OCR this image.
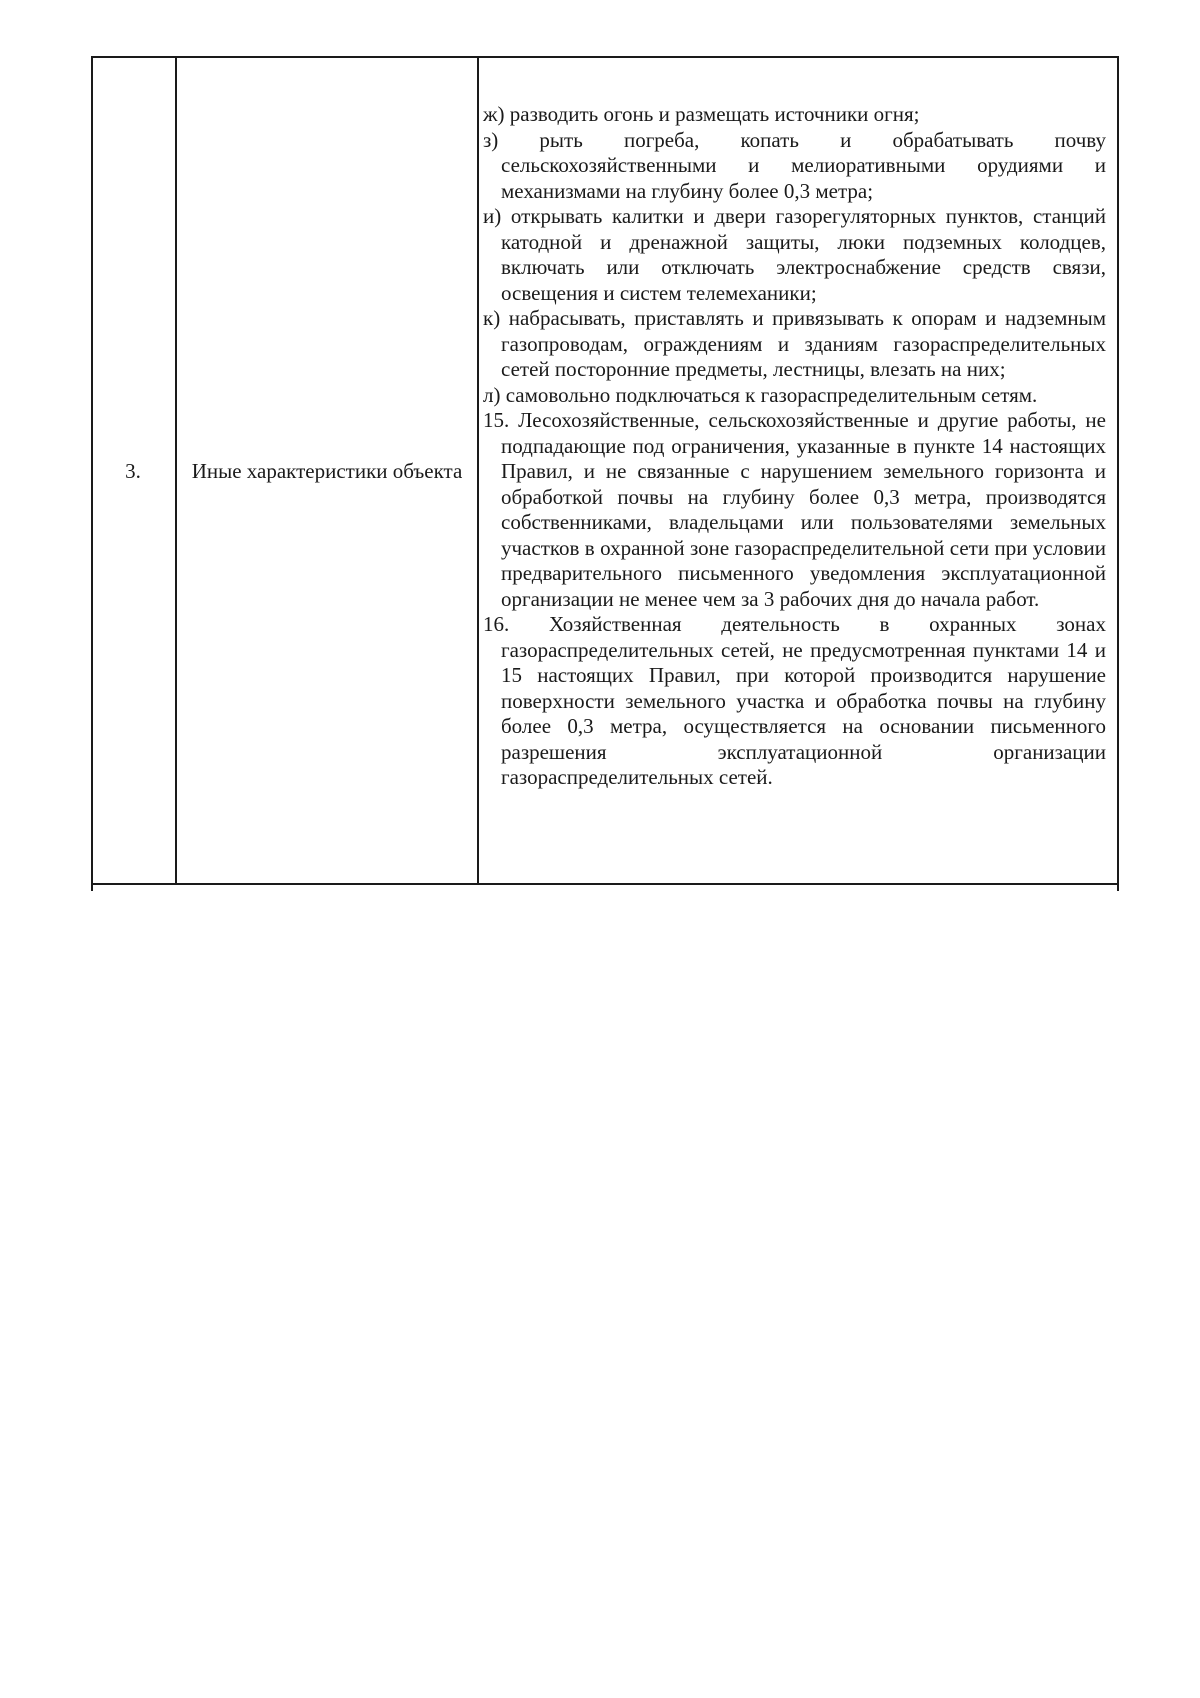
3.	Иные характеристики объекта

ж) разводить огонь и размещать источники огня;

з) рыть погреба, копать и обрабатывать почву сельскохозяйственными и мелиоративными орудиями и механизмами на глубину более 0,3 метра;

и) открывать калитки и двери газорегуляторных пунктов, станций катодной и дренажной защиты, люки подземных колодцев, включать или отключать электроснабжение средств связи, освещения и систем телемеханики;

к) набрасывать, приставлять и привязывать к опорам и надземным газопроводам, ограждениям и зданиям газораспределительных сетей посторонние предметы, лестницы, влезать на них;

л) самовольно подключаться к газораспределительным сетям.

15. Лесохозяйственные, сельскохозяйственные и другие работы, не подпадающие под ограничения, указанные в пункте 14 настоящих Правил, и не связанные с нарушением земельного горизонта и обработкой почвы на глубину более 0,3 метра, производятся собственниками, владельцами или пользователями земельных участков в охранной зоне газораспределительной сети при условии предварительного письменного уведомления эксплуатационной организации не менее чем за 3 рабочих дня до начала работ.

16. Хозяйственная деятельность в охранных зонах газораспределительных сетей, не предусмотренная пунктами 14 и 15 настоящих Правил, при которой производится нарушение поверхности земельного участка и обработка почвы на глубину более 0,3 метра, осуществляется на основании письменного разрешения эксплуатационной организации газораспределительных сетей.
